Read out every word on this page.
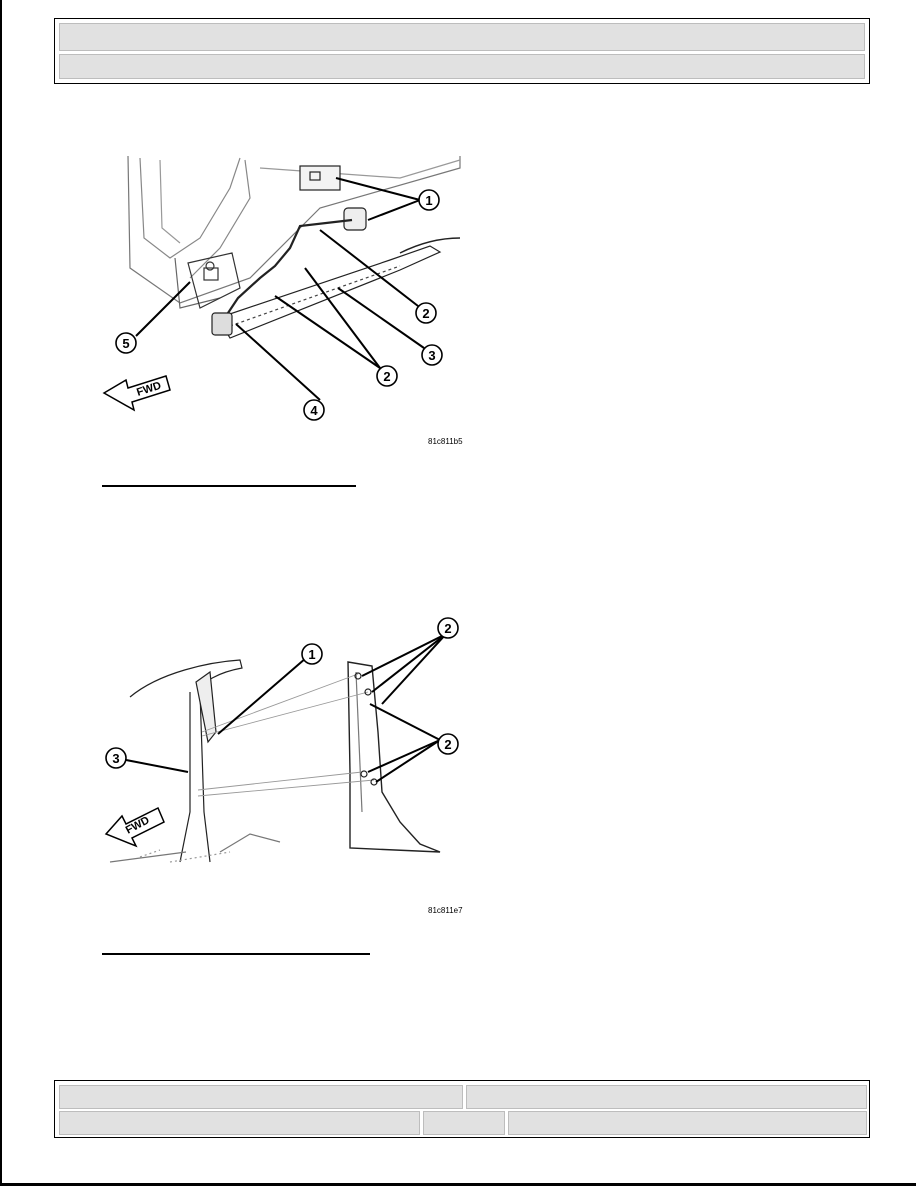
1
2
3
4
5
2
FWD
81c811b5
1
2
2
3
FWD
81c811e7
